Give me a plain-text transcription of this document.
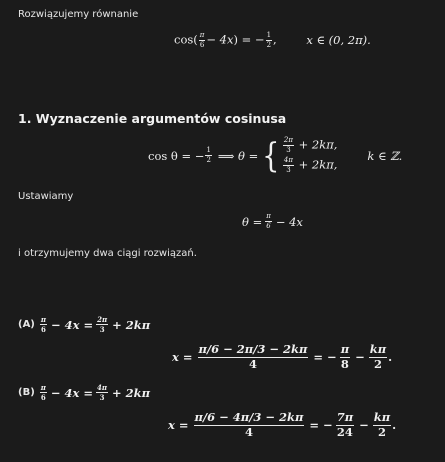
Rozwiązujemy równanie
$\cos( \frac{\pi}{6} - 4x)$ = − $\frac{1}{2}$ , x ∈ (0, 2π).
1. Wyznaczenie argumentów cosinusa
cos θ = − $\frac{1}{2}$ ⟹ θ = { $\frac{2\pi}{3} + 2k\pi$,
$\frac{4\pi}{3} + 2k\pi$,
k ∈ ℤ.
Ustawiamy
$\theta = \frac{\pi}{6} - 4x$
i otrzymujemy dwa ciągi rozwiązań.
$(A) \frac{\pi}{6} - 4x = \frac{2\pi}{3} + 2k\pi$
$x = \frac{\pi/6 - 2\pi/3 - 2k\pi}{4}$ = − $\frac{\pi}{8} - \frac{k\pi}{2}$ .
$(B) \frac{\pi}{6} - 4x = \frac{4\pi}{3} + 2k\pi$
$x = \frac{\pi/6 - 4\pi/3 - 2k\pi}{4}$ = − $\frac{7\pi}{24} - \frac{k\pi}{2}$ .
